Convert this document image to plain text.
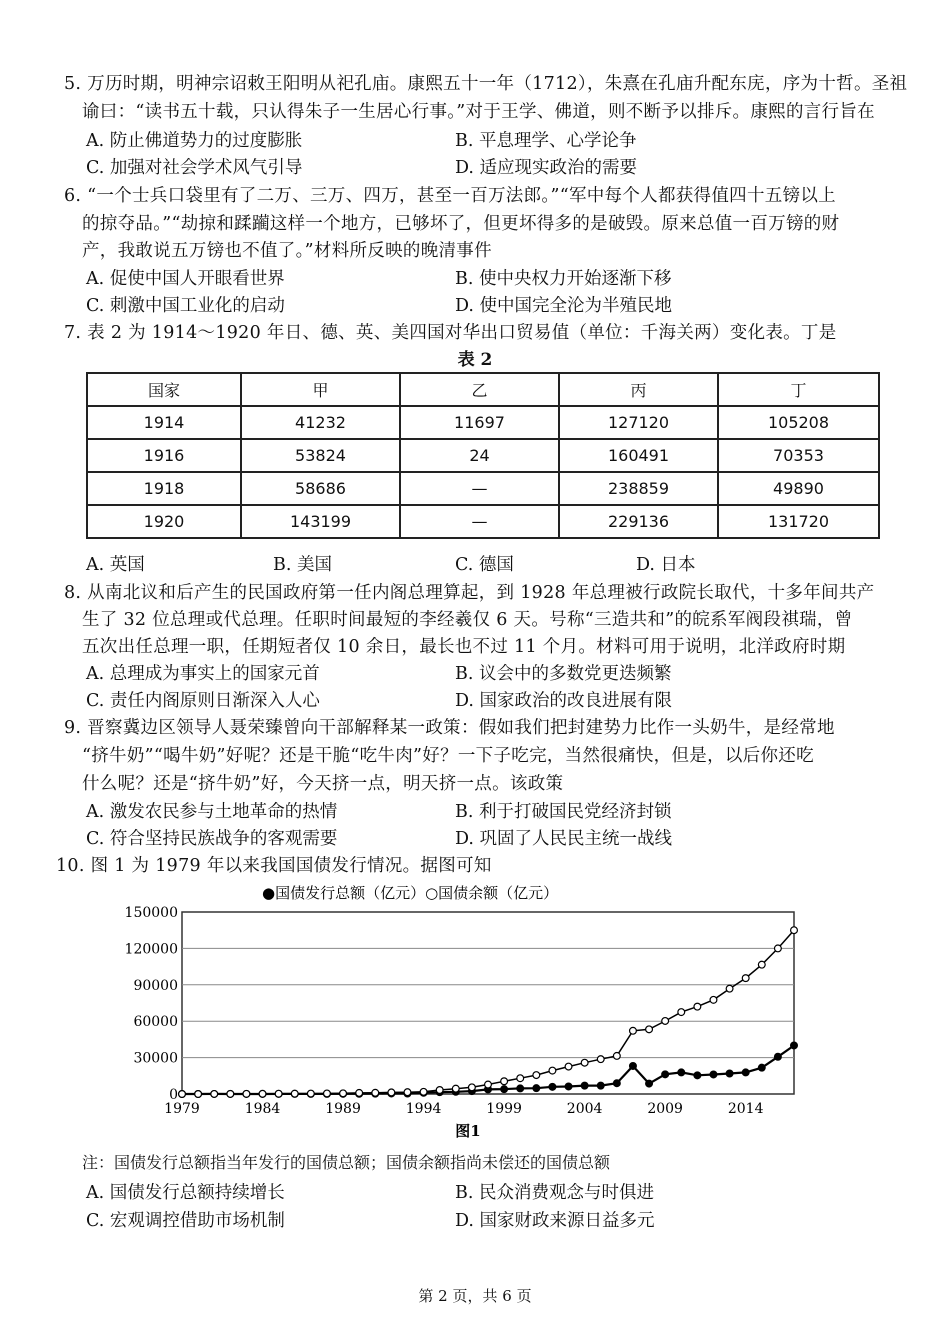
5. 万历时期，明神宗诏敕王阳明从祀孔庙。康熙五十一年（1712），朱熹在孔庙升配东庑，序为十哲。圣祖
谕曰：“读书五十载，只认得朱子一生居心行事。”对于王学、佛道，则不断予以排斥。康熙的言行旨在
A. 防止佛道势力的过度膨胀	B. 平息理学、心学论争
C. 加强对社会学术风气引导	D. 适应现实政治的需要
6. “一个士兵口袋里有了二万、三万、四万，甚至一百万法郎。”“军中每个人都获得值四十五镑以上
的掠夺品。”“劫掠和蹂躏这样一个地方，已够坏了，但更坏得多的是破毁。原来总值一百万镑的财
产，我敢说五万镑也不值了。”材料所反映的晚清事件
A. 促使中国人开眼看世界	B. 使中央权力开始逐渐下移
C. 刺激中国工业化的启动	D. 使中国完全沦为半殖民地
7. 表 2 为 1914～1920 年日、德、英、美四国对华出口贸易值（单位：千海关两）变化表。丁是
表 2
国家	甲	乙	丙	丁
1914	41232	11697	127120	105208
1916	53824	24	160491	70353
1918	58686	—	238859	49890
1920	143199	—	229136	131720
A. 英国	B. 美国	C. 德国	D. 日本
8. 从南北议和后产生的民国政府第一任内阁总理算起，到 1928 年总理被行政院长取代，十多年间共产
生了 32 位总理或代总理。任职时间最短的李经羲仅 6 天。号称“三造共和”的皖系军阀段祺瑞，曾
五次出任总理一职，任期短者仅 10 余日，最长也不过 11 个月。材料可用于说明，北洋政府时期
A. 总理成为事实上的国家元首	B. 议会中的多数党更迭频繁
C. 责任内阁原则日渐深入人心	D. 国家政治的改良进展有限
9. 晋察冀边区领导人聂荣臻曾向干部解释某一政策：假如我们把封建势力比作一头奶牛，是经常地
“挤牛奶”“喝牛奶”好呢？还是干脆“吃牛肉”好？一下子吃完，当然很痛快，但是，以后你还吃
什么呢？还是“挤牛奶”好，今天挤一点，明天挤一点。该政策
A. 激发农民参与土地革命的热情	B. 利于打破国民党经济封锁
C. 符合坚持民族战争的客观需要	D. 巩固了人民民主统一战线
10. 图 1 为 1979 年以来我国国债发行情况。据图可知
●国债发行总额（亿元）○国债余额（亿元）
0
30000
60000
90000
120000
150000
1979	1984	1989	1994	1999	2004	2009	2014
图1
注：国债发行总额指当年发行的国债总额；国债余额指尚未偿还的国债总额
A. 国债发行总额持续增长	B. 民众消费观念与时俱进
C. 宏观调控借助市场机制	D. 国家财政来源日益多元
第 2 页，共 6 页
